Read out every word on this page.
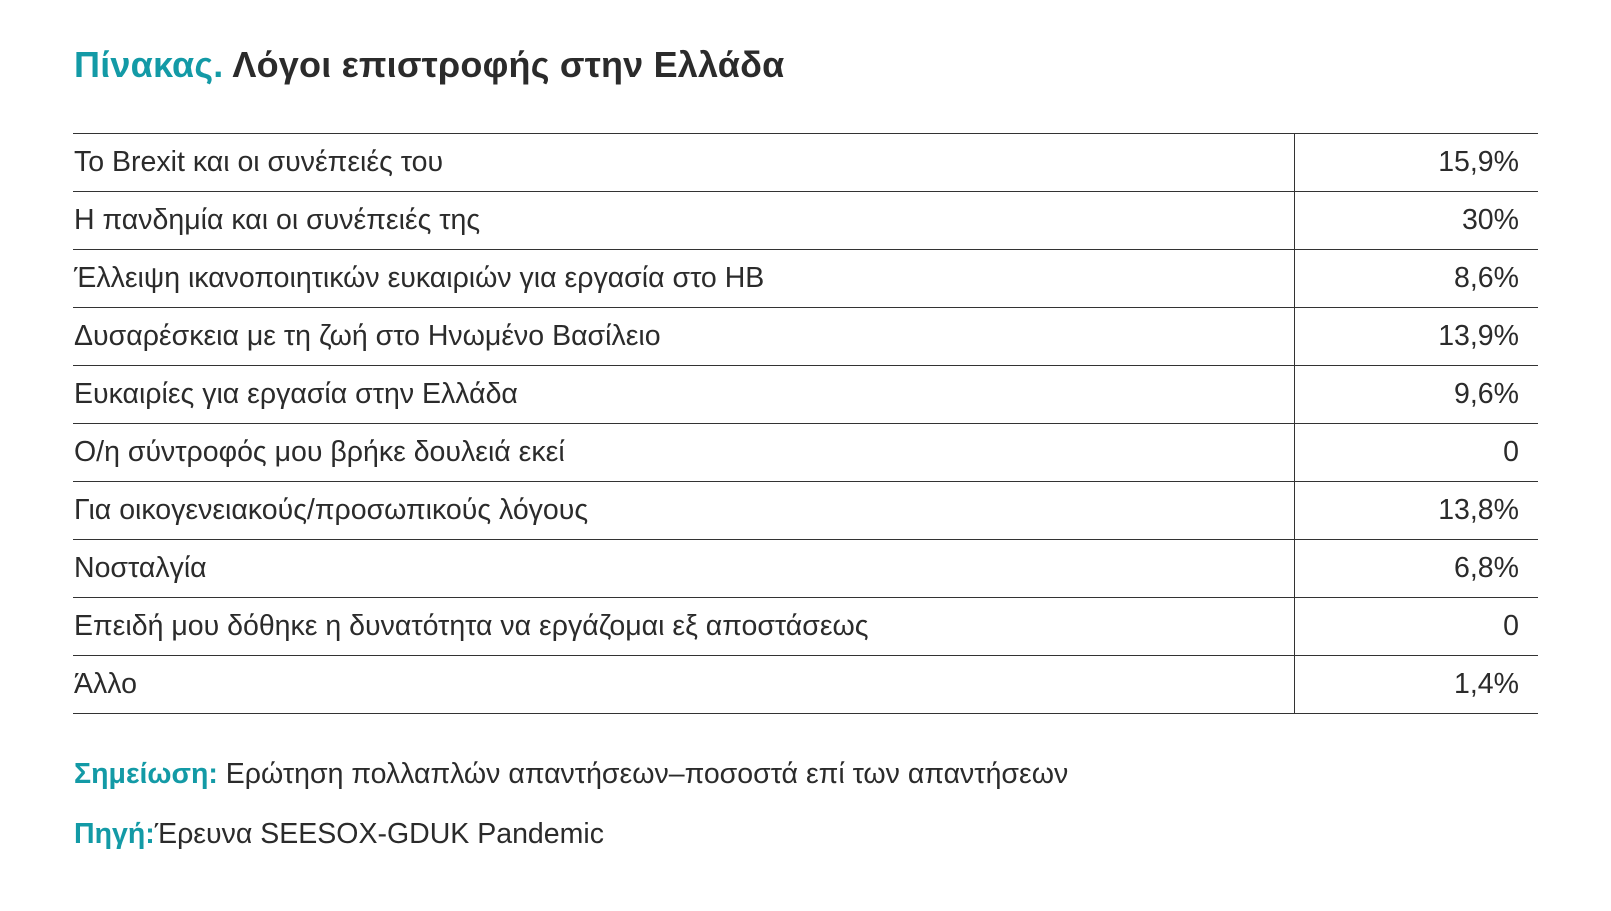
Πίνακας. Λόγοι επιστροφής στην Ελλάδα
Το Brexit και οι συνέπειές του	15,9%
Η πανδημία και οι συνέπειές της	30%
Έλλειψη ικανοποιητικών ευκαιριών για εργασία στο ΗΒ	8,6%
Δυσαρέσκεια με τη ζωή στο Ηνωμένο Βασίλειο	13,9%
Ευκαιρίες για εργασία στην Ελλάδα	9,6%
Ο/η σύντροφός μου βρήκε δουλειά εκεί	0
Για οικογενειακούς/προσωπικούς λόγους	13,8%
Νοσταλγία	6,8%
Επειδή μου δόθηκε η δυνατότητα να εργάζομαι εξ αποστάσεως	0
Άλλο	1,4%
Σημείωση: Ερώτηση πολλαπλών απαντήσεων–ποσοστά επί των απαντήσεων
Πηγή:Έρευνα SEESOX-GDUK Pandemic
